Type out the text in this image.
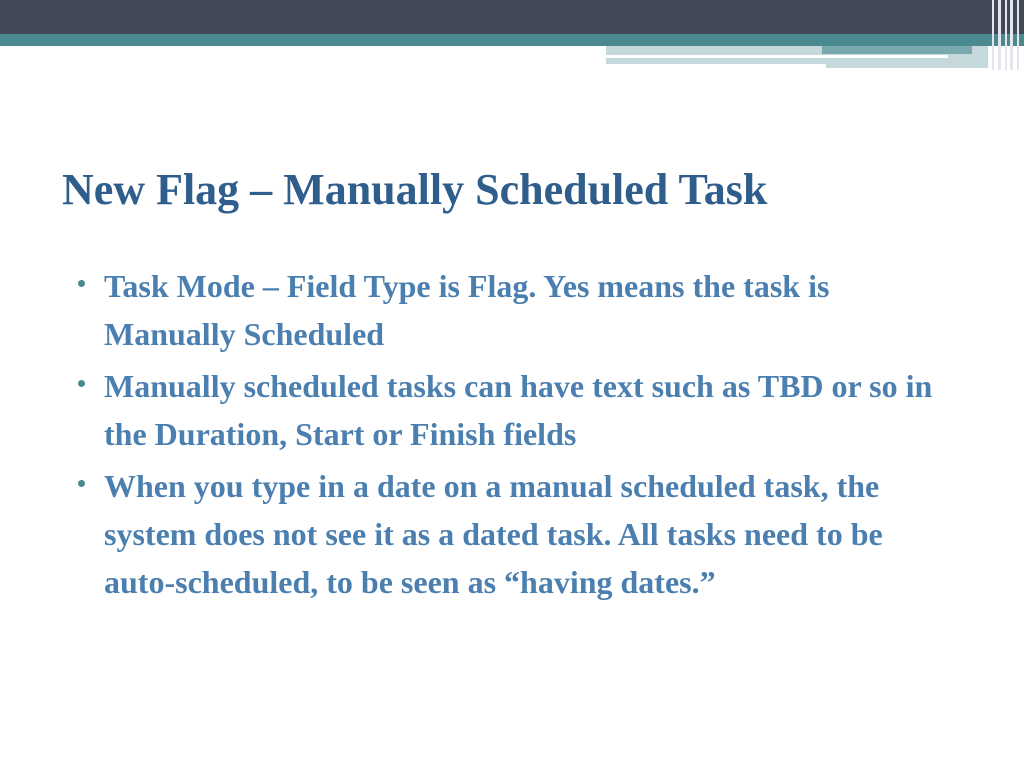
New Flag – Manually Scheduled Task
Task Mode – Field Type is Flag. Yes means the task is Manually Scheduled
Manually scheduled tasks can have text such as TBD or so in the Duration, Start or Finish fields
When you type in a date on a manual scheduled task, the system does not see it as a dated task. All tasks need to be auto-scheduled, to be seen as “having dates.”
